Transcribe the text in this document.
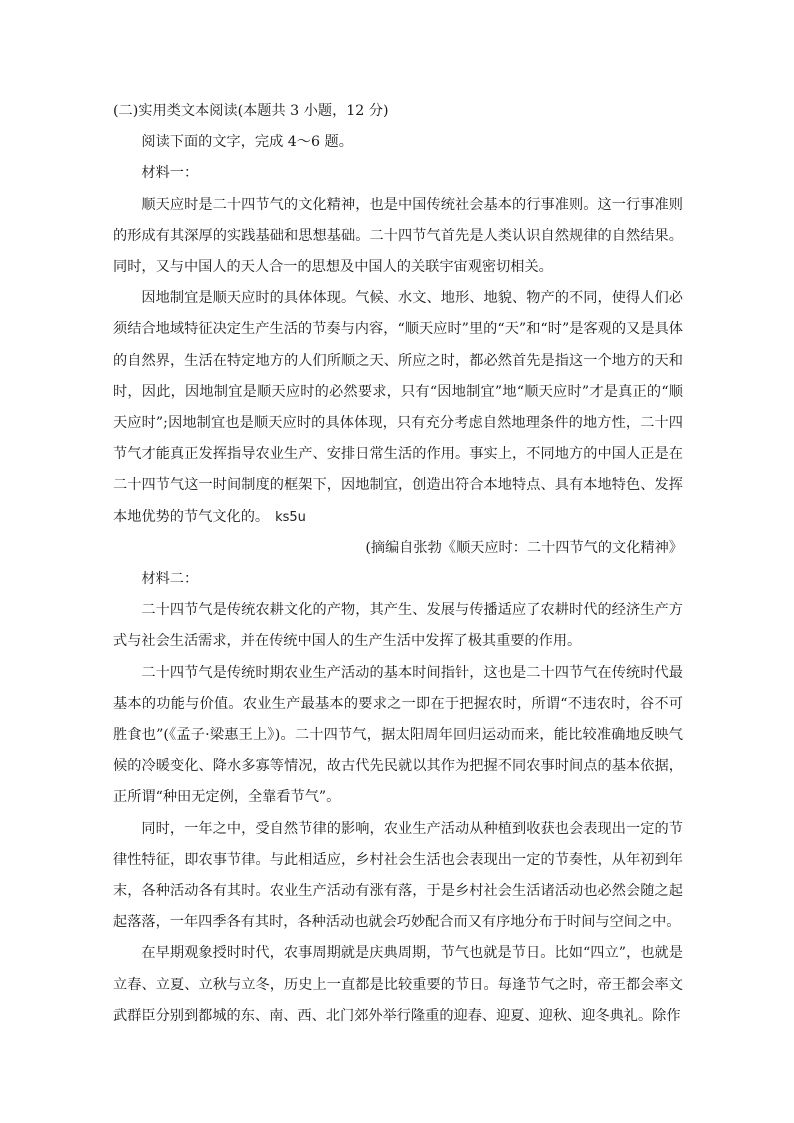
(二)实用类文本阅读(本题共 3 小题，12 分)

阅读下面的文字，完成 4～6 题。

材料一：

顺天应时是二十四节气的文化精神，也是中国传统社会基本的行事准则。这一行事准则的形成有其深厚的实践基础和思想基础。二十四节气首先是人类认识自然规律的自然结果。同时，又与中国人的天人合一的思想及中国人的关联宇宙观密切相关。

因地制宜是顺天应时的具体体现。气候、水文、地形、地貌、物产的不同，使得人们必须结合地域特征决定生产生活的节奏与内容，“顺天应时”里的“天”和“时”是客观的又是具体的自然界，生活在特定地方的人们所顺之天、所应之时，都必然首先是指这一个地方的天和时，因此，因地制宜是顺天应时的必然要求，只有“因地制宜”地“顺天应时”才是真正的“顺天应时”;因地制宜也是顺天应时的具体体现，只有充分考虑自然地理条件的地方性，二十四节气才能真正发挥指导农业生产、安排日常生活的作用。事实上，不同地方的中国人正是在二十四节气这一时间制度的框架下，因地制宜，创造出符合本地特点、具有本地特色、发挥本地优势的节气文化的。 ks5u

(摘编自张勃《顺天应时：二十四节气的文化精神》

材料二：

二十四节气是传统农耕文化的产物，其产生、发展与传播适应了农耕时代的经济生产方式与社会生活需求，并在传统中国人的生产生活中发挥了极其重要的作用。

二十四节气是传统时期农业生产活动的基本时间指针，这也是二十四节气在传统时代最基本的功能与价值。农业生产最基本的要求之一即在于把握农时，所谓“不违农时，谷不可胜食也”(《孟子·梁惠王上》)。二十四节气，据太阳周年回归运动而来，能比较准确地反映气候的冷暖变化、降水多寡等情况，故古代先民就以其作为把握不同农事时间点的基本依据，正所谓“种田无定例，全靠看节气”。

同时，一年之中，受自然节律的影响，农业生产活动从种植到收获也会表现出一定的节律性特征，即农事节律。与此相适应，乡村社会生活也会表现出一定的节奏性，从年初到年末，各种活动各有其时。农业生产活动有涨有落，于是乡村社会生活诸活动也必然会随之起起落落，一年四季各有其时，各种活动也就会巧妙配合而又有序地分布于时间与空间之中。

在早期观象授时时代，农事周期就是庆典周期，节气也就是节日。比如“四立”，也就是立春、立夏、立秋与立冬，历史上一直都是比较重要的节日。每逢节气之时，帝王都会率文武群臣分别到都城的东、南、西、北门郊外举行隆重的迎春、迎夏、迎秋、迎冬典礼。除作
